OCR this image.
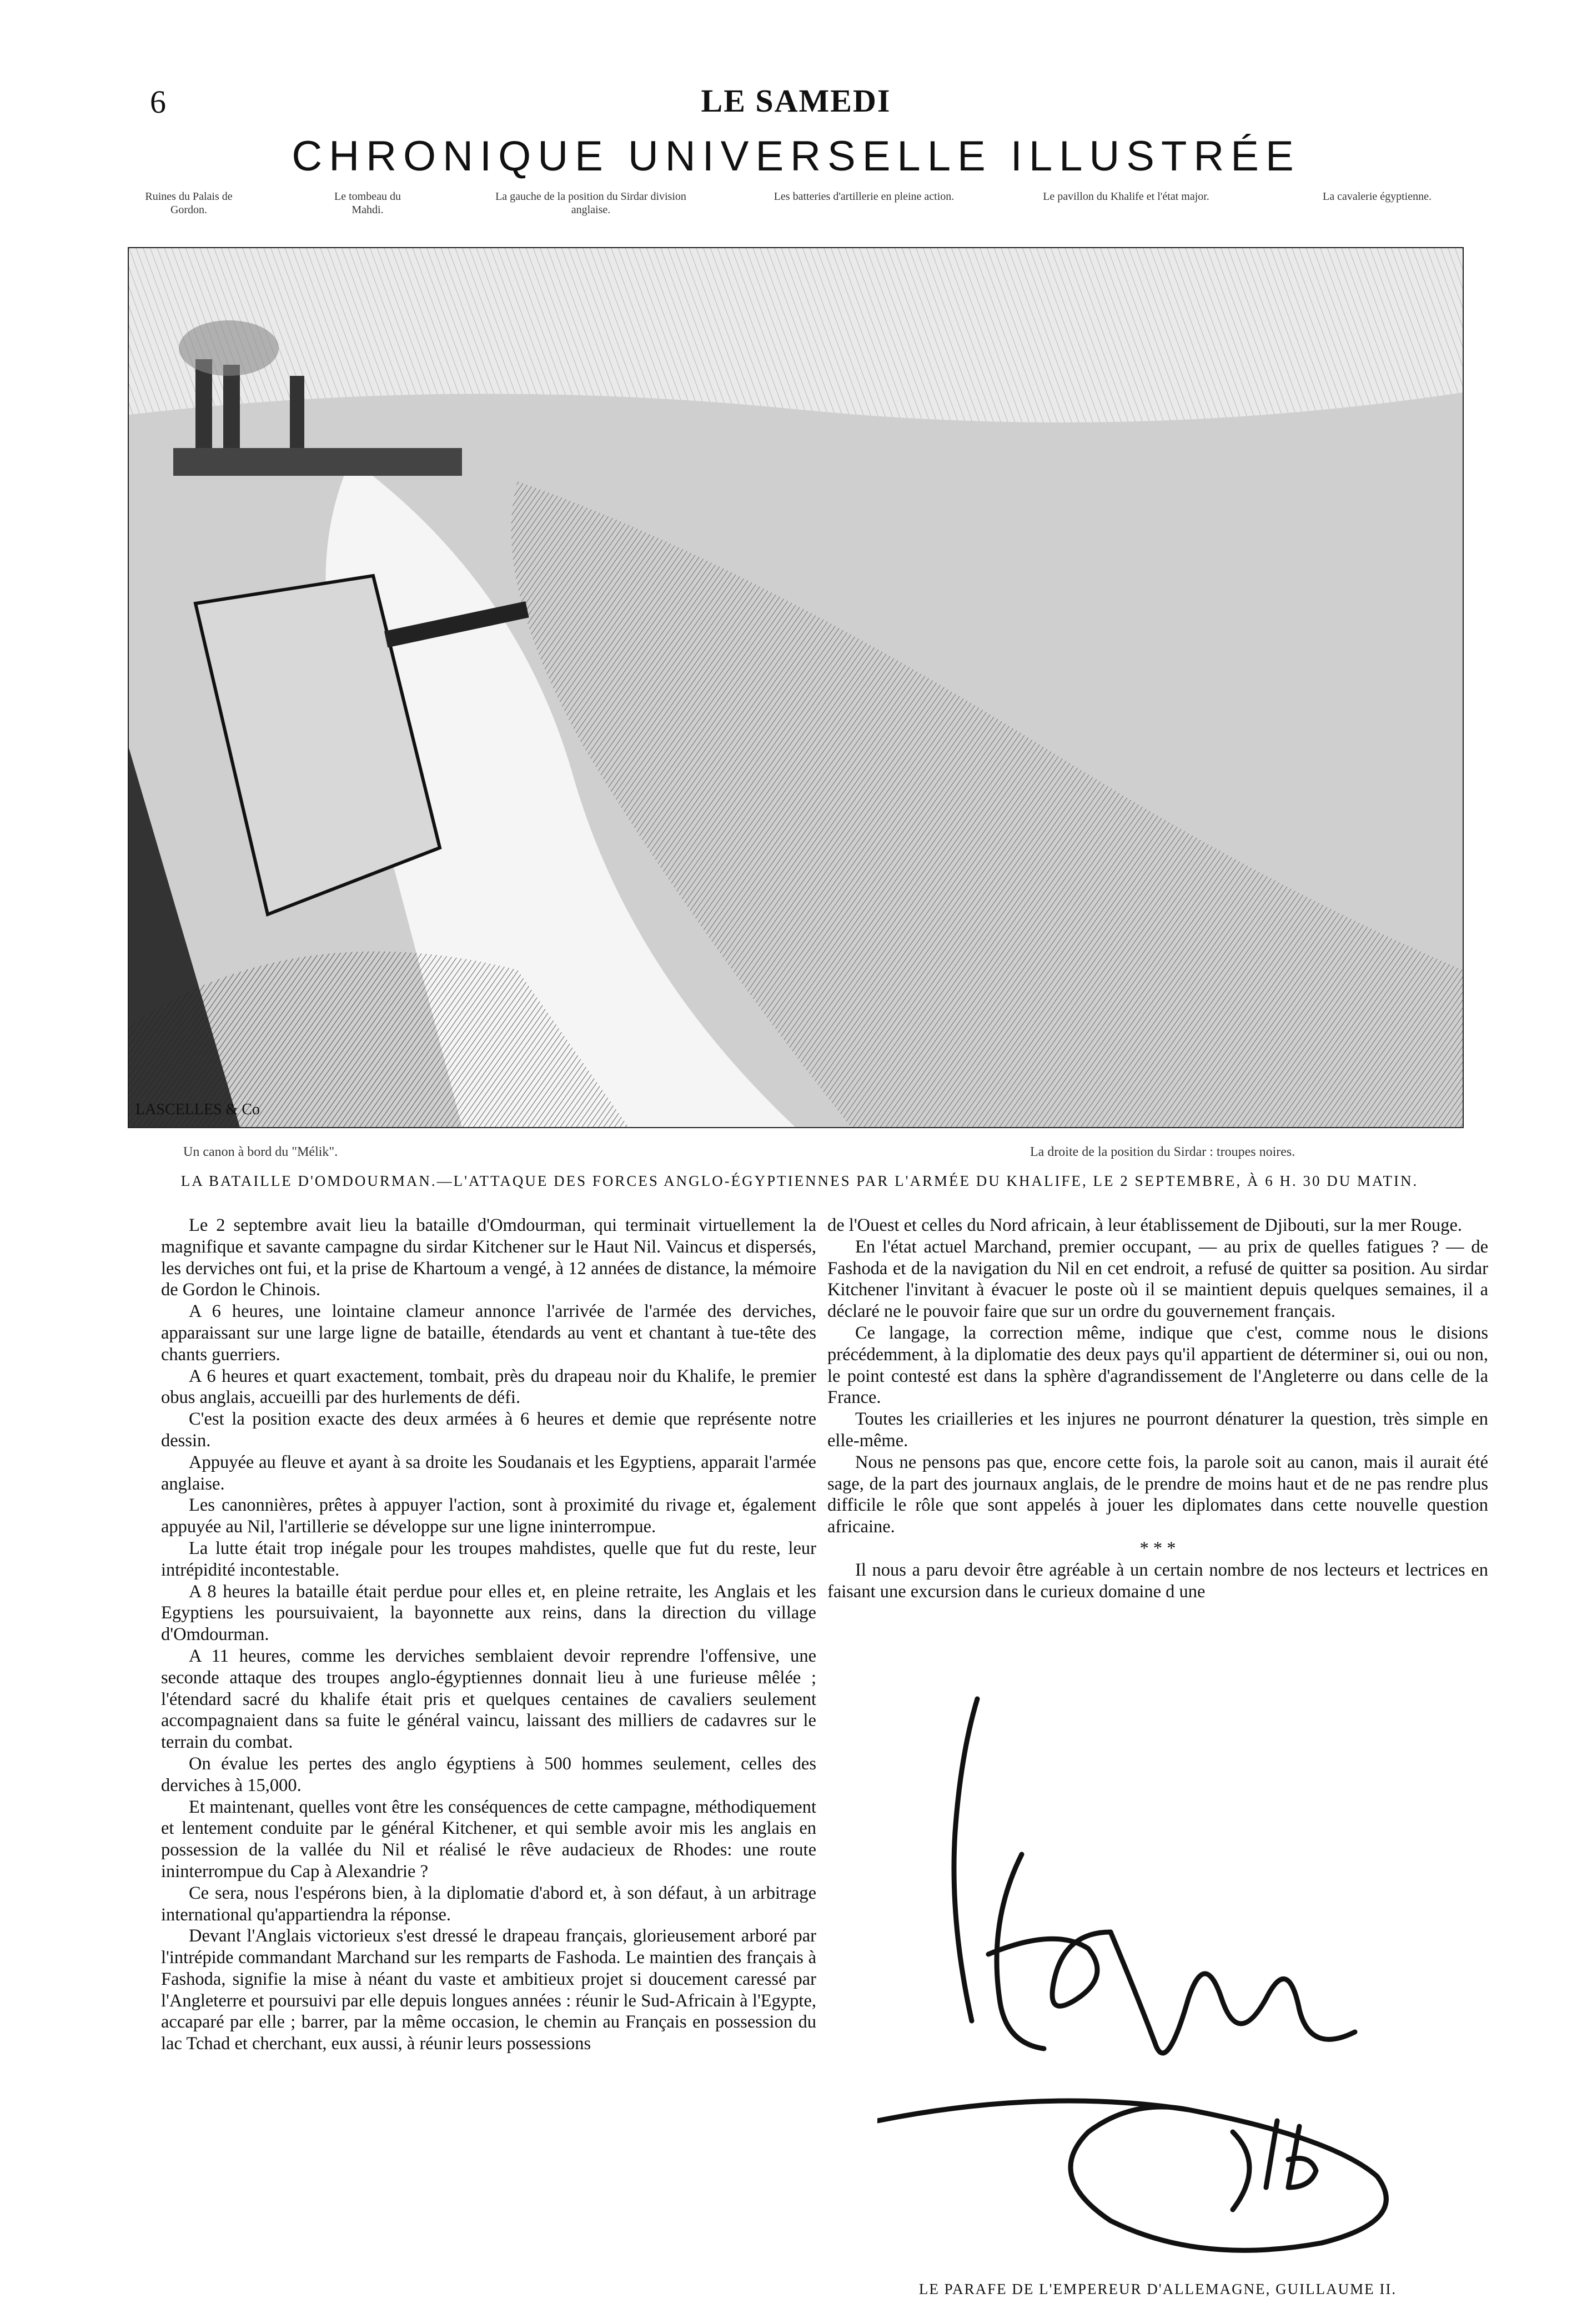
6	LE SAMEDI
CHRONIQUE UNIVERSELLE ILLUSTRÉE
Ruines du Palais de Gordon.
Le tombeau du Mahdi.
La gauche de la position du Sirdar division anglaise.
Les batteries d'artillerie en pleine action.	Le pavillon du Khalife et l'état major.	La cavalerie égyptienne.
LASCELLES & Co
Un canon à bord du "Mélik".	La droite de la position du Sirdar : troupes noires.
LA BATAILLE D'OMDOURMAN.—L'ATTAQUE DES FORCES ANGLO-ÉGYPTIENNES PAR L'ARMÉE DU KHALIFE, LE 2 SEPTEMBRE, À 6 H. 30 DU MATIN.

Le 2 septembre avait lieu la bataille d'Omdourman, qui terminait virtuellement la magnifique et savante campagne du sirdar Kitchener sur le Haut Nil. Vaincus et dispersés, les derviches ont fui, et la prise de Khartoum a vengé, à 12 années de distance, la mémoire de Gordon le Chinois.

A 6 heures, une lointaine clameur annonce l'arrivée de l'armée des derviches, apparaissant sur une large ligne de bataille, étendards au vent et chantant à tue-tête des chants guerriers.

A 6 heures et quart exactement, tombait, près du drapeau noir du Khalife, le premier obus anglais, accueilli par des hurlements de défi.

C'est la position exacte des deux armées à 6 heures et demie que représente notre dessin.

Appuyée au fleuve et ayant à sa droite les Soudanais et les Egyptiens, apparait l'armée anglaise.

Les canonnières, prêtes à appuyer l'action, sont à proximité du rivage et, également appuyée au Nil, l'artillerie se développe sur une ligne ininterrompue.

La lutte était trop inégale pour les troupes mahdistes, quelle que fut du reste, leur intrépidité incontestable.

A 8 heures la bataille était perdue pour elles et, en pleine retraite, les Anglais et les Egyptiens les poursuivaient, la bayonnette aux reins, dans la direction du village d'Omdourman.

A 11 heures, comme les derviches semblaient devoir reprendre l'offensive, une seconde attaque des troupes anglo-égyptiennes donnait lieu à une furieuse mêlée ; l'étendard sacré du khalife était pris et quelques centaines de cavaliers seulement accompagnaient dans sa fuite le général vaincu, laissant des milliers de cadavres sur le terrain du combat.

On évalue les pertes des anglo égyptiens à 500 hommes seulement, celles des derviches à 15,000.

Et maintenant, quelles vont être les conséquences de cette campagne, méthodiquement et lentement conduite par le général Kitchener, et qui semble avoir mis les anglais en possession de la vallée du Nil et réalisé le rêve audacieux de Rhodes: une route ininterrompue du Cap à Alexandrie ?

Ce sera, nous l'espérons bien, à la diplomatie d'abord et, à son défaut, à un arbitrage international qu'appartiendra la réponse.

Devant l'Anglais victorieux s'est dressé le drapeau français, glorieusement arboré par l'intrépide commandant Marchand sur les remparts de Fashoda. Le maintien des français à Fashoda, signifie la mise à néant du vaste et ambitieux projet si doucement caressé par l'Angleterre et poursuivi par elle depuis longues années : réunir le Sud-Africain à l'Egypte, accaparé par elle ; barrer, par la même occasion, le chemin au Français en possession du lac Tchad et cherchant, eux aussi, à réunir leurs possessions

de l'Ouest et celles du Nord africain, à leur établissement de Djibouti, sur la mer Rouge.

En l'état actuel Marchand, premier occupant, — au prix de quelles fatigues ? — de Fashoda et de la navigation du Nil en cet endroit, a refusé de quitter sa position. Au sirdar Kitchener l'invitant à évacuer le poste où il se maintient depuis quelques semaines, il a déclaré ne le pouvoir faire que sur un ordre du gouvernement français.

Ce langage, la correction même, indique que c'est, comme nous le disions précédemment, à la diplomatie des deux pays qu'il appartient de déterminer si, oui ou non, le point contesté est dans la sphère d'agrandissement de l'Angleterre ou dans celle de la France.

Toutes les criailleries et les injures ne pourront dénaturer la question, très simple en elle-même.

Nous ne pensons pas que, encore cette fois, la parole soit au canon, mais il aurait été sage, de la part des journaux anglais, de le prendre de moins haut et de ne pas rendre plus difficile le rôle que sont appelés à jouer les diplomates dans cette nouvelle question africaine.

* * *

Il nous a paru devoir être agréable à un certain nombre de nos lecteurs et lectrices en faisant une excursion dans le curieux domaine d une

LE PARAFE DE L'EMPEREUR D'ALLEMAGNE, GUILLAUME II.
